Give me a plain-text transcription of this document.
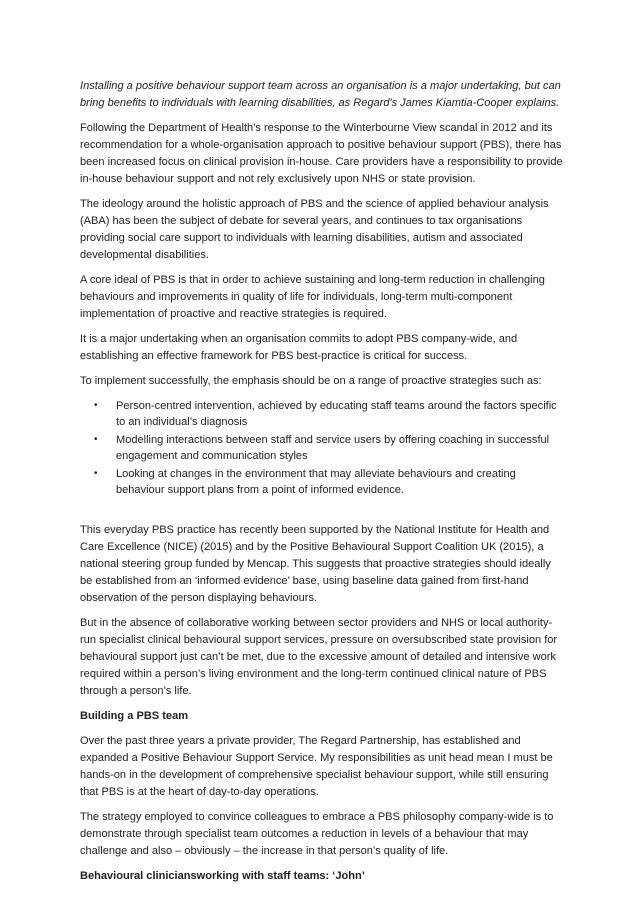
Installing a positive behaviour support team across an organisation is a major undertaking, but can bring benefits to individuals with learning disabilities, as Regard's James Kiamtia-Cooper explains.

Following the Department of Health’s response to the Winterbourne View scandal in 2012 and its recommendation for a whole-organisation approach to positive behaviour support (PBS), there has been increased focus on clinical provision in-house. Care providers have a responsibility to provide in-house behaviour support and not rely exclusively upon NHS or state provision.

The ideology around the holistic approach of PBS and the science of applied behaviour analysis (ABA) has been the subject of debate for several years, and continues to tax organisations providing social care support to individuals with learning disabilities, autism and associated developmental disabilities.

A core ideal of PBS is that in order to achieve sustaining and long-term reduction in challenging behaviours and improvements in quality of life for individuals, long-term multi-component implementation of proactive and reactive strategies is required.

It is a major undertaking when an organisation commits to adopt PBS company-wide, and establishing an effective framework for PBS best-practice is critical for success.

To implement successfully, the emphasis should be on a range of proactive strategies such as:

• Person-centred intervention, achieved by educating staff teams around the factors specific to an individual’s diagnosis
• Modelling interactions between staff and service users by offering coaching in successful engagement and communication styles
• Looking at changes in the environment that may alleviate behaviours and creating behaviour support plans from a point of informed evidence.

This everyday PBS practice has recently been supported by the National Institute for Health and Care Excellence (NICE) (2015) and by the Positive Behavioural Support Coalition UK (2015), a national steering group funded by Mencap. This suggests that proactive strategies should ideally be established from an ‘informed evidence’ base, using baseline data gained from first-hand observation of the person displaying behaviours.

But in the absence of collaborative working between sector providers and NHS or local authority-run specialist clinical behavioural support services, pressure on oversubscribed state provision for behavioural support just can’t be met, due to the excessive amount of detailed and intensive work required within a person’s living environment and the long-term continued clinical nature of PBS through a person’s life.

Building a PBS team

Over the past three years a private provider, The Regard Partnership, has established and expanded a Positive Behaviour Support Service. My responsibilities as unit head mean I must be hands-on in the development of comprehensive specialist behaviour support, while still ensuring that PBS is at the heart of day-to-day operations.

The strategy employed to convince colleagues to embrace a PBS philosophy company-wide is to demonstrate through specialist team outcomes a reduction in levels of a behaviour that may challenge and also – obviously – the increase in that person’s quality of life.

Behavioural cliniciansworking with staff teams: ‘John’
